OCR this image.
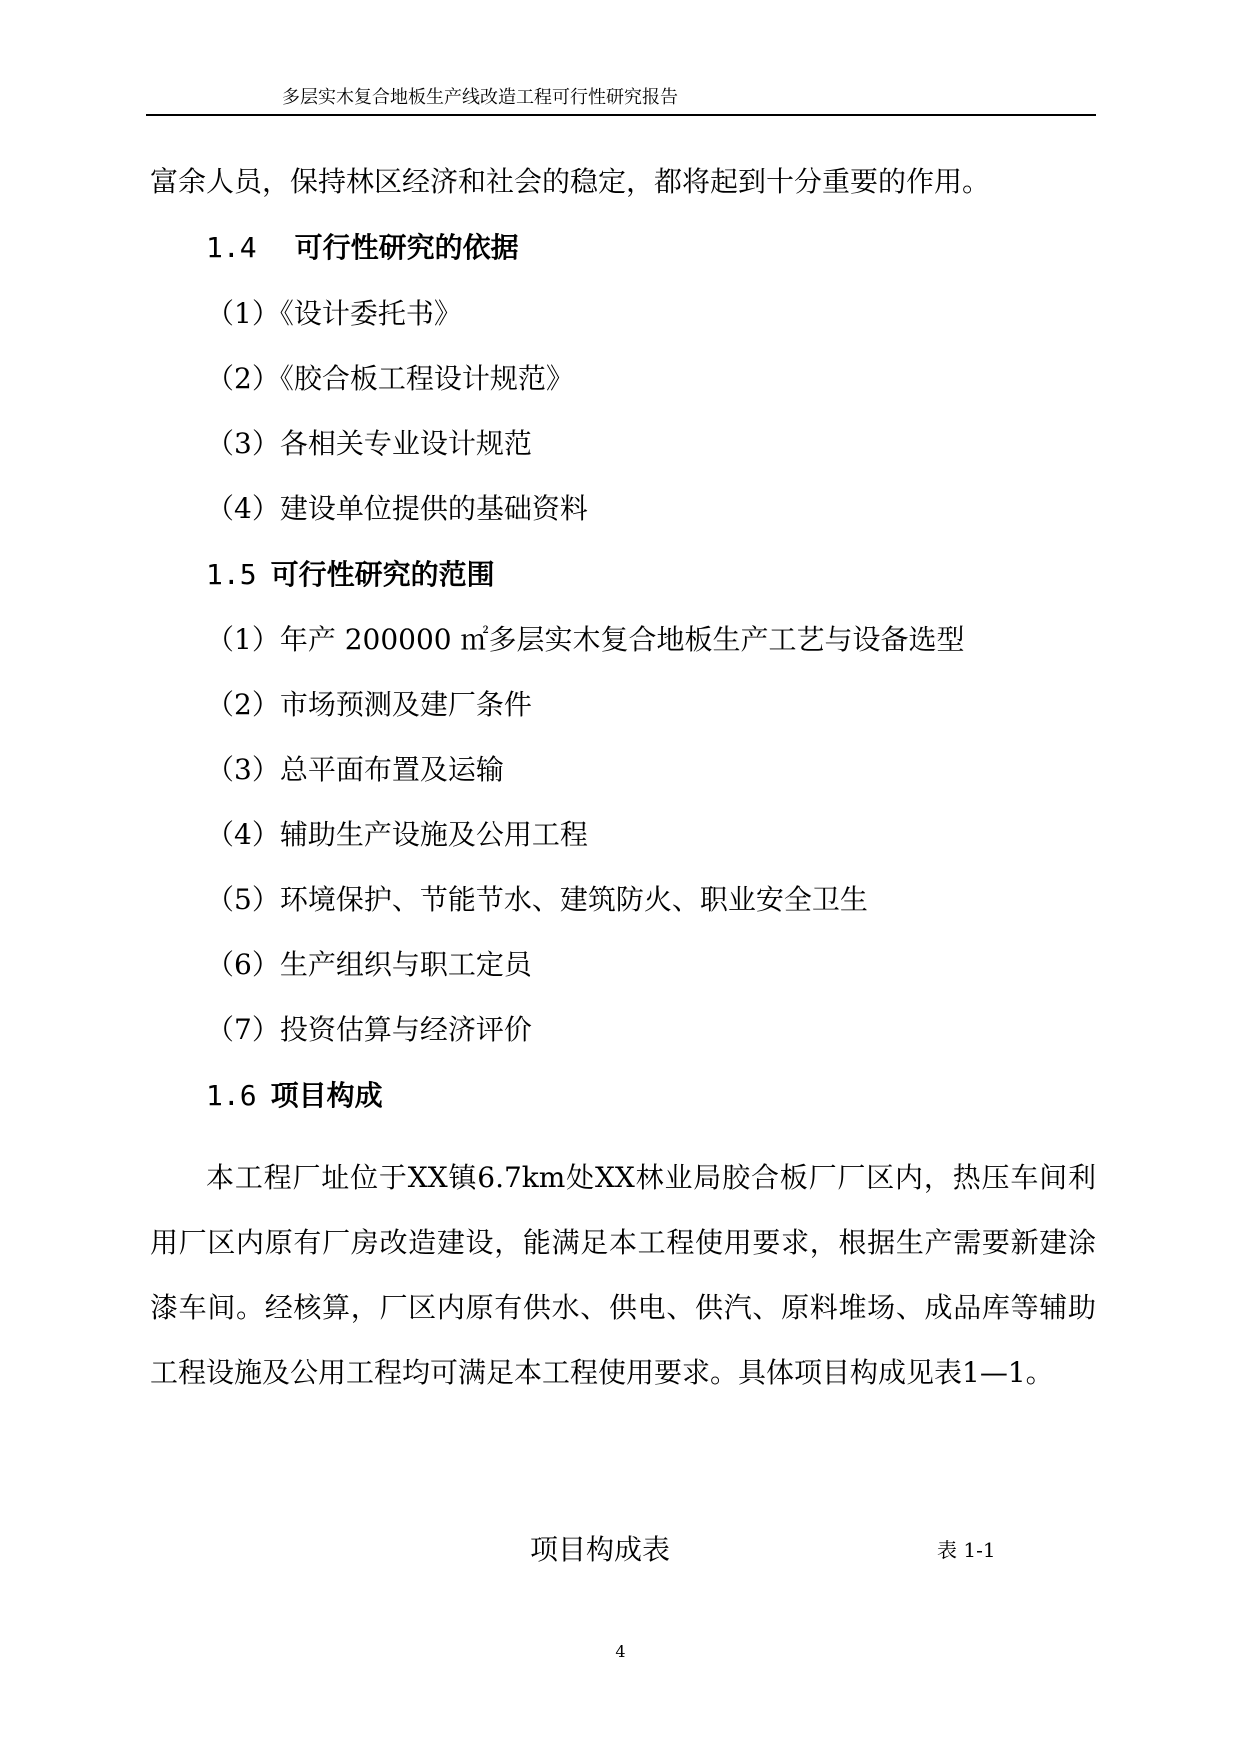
多层实木复合地板生产线改造工程可行性研究报告
富余人员，保持林区经济和社会的稳定，都将起到十分重要的作用。
1.4 可行性研究的依据
（1）《设计委托书》
（2）《胶合板工程设计规范》
（3）各相关专业设计规范
（4）建设单位提供的基础资料
1.5 可行性研究的范围
（1）年产 200000 ㎡多层实木复合地板生产工艺与设备选型
（2）市场预测及建厂条件
（3）总平面布置及运输
（4）辅助生产设施及公用工程
（5）环境保护、节能节水、建筑防火、职业安全卫生
（6）生产组织与职工定员
（7）投资估算与经济评价
1.6 项目构成
本工程厂址位于XX镇6.7km处XX林业局胶合板厂厂区内，热压车间利用厂区内原有厂房改造建设，能满足本工程使用要求，根据生产需要新建涂漆车间。经核算，厂区内原有供水、供电、供汽、原料堆场、成品库等辅助工程设施及公用工程均可满足本工程使用要求。具体项目构成见表1—1。
项目构成表	表 1-1
4
